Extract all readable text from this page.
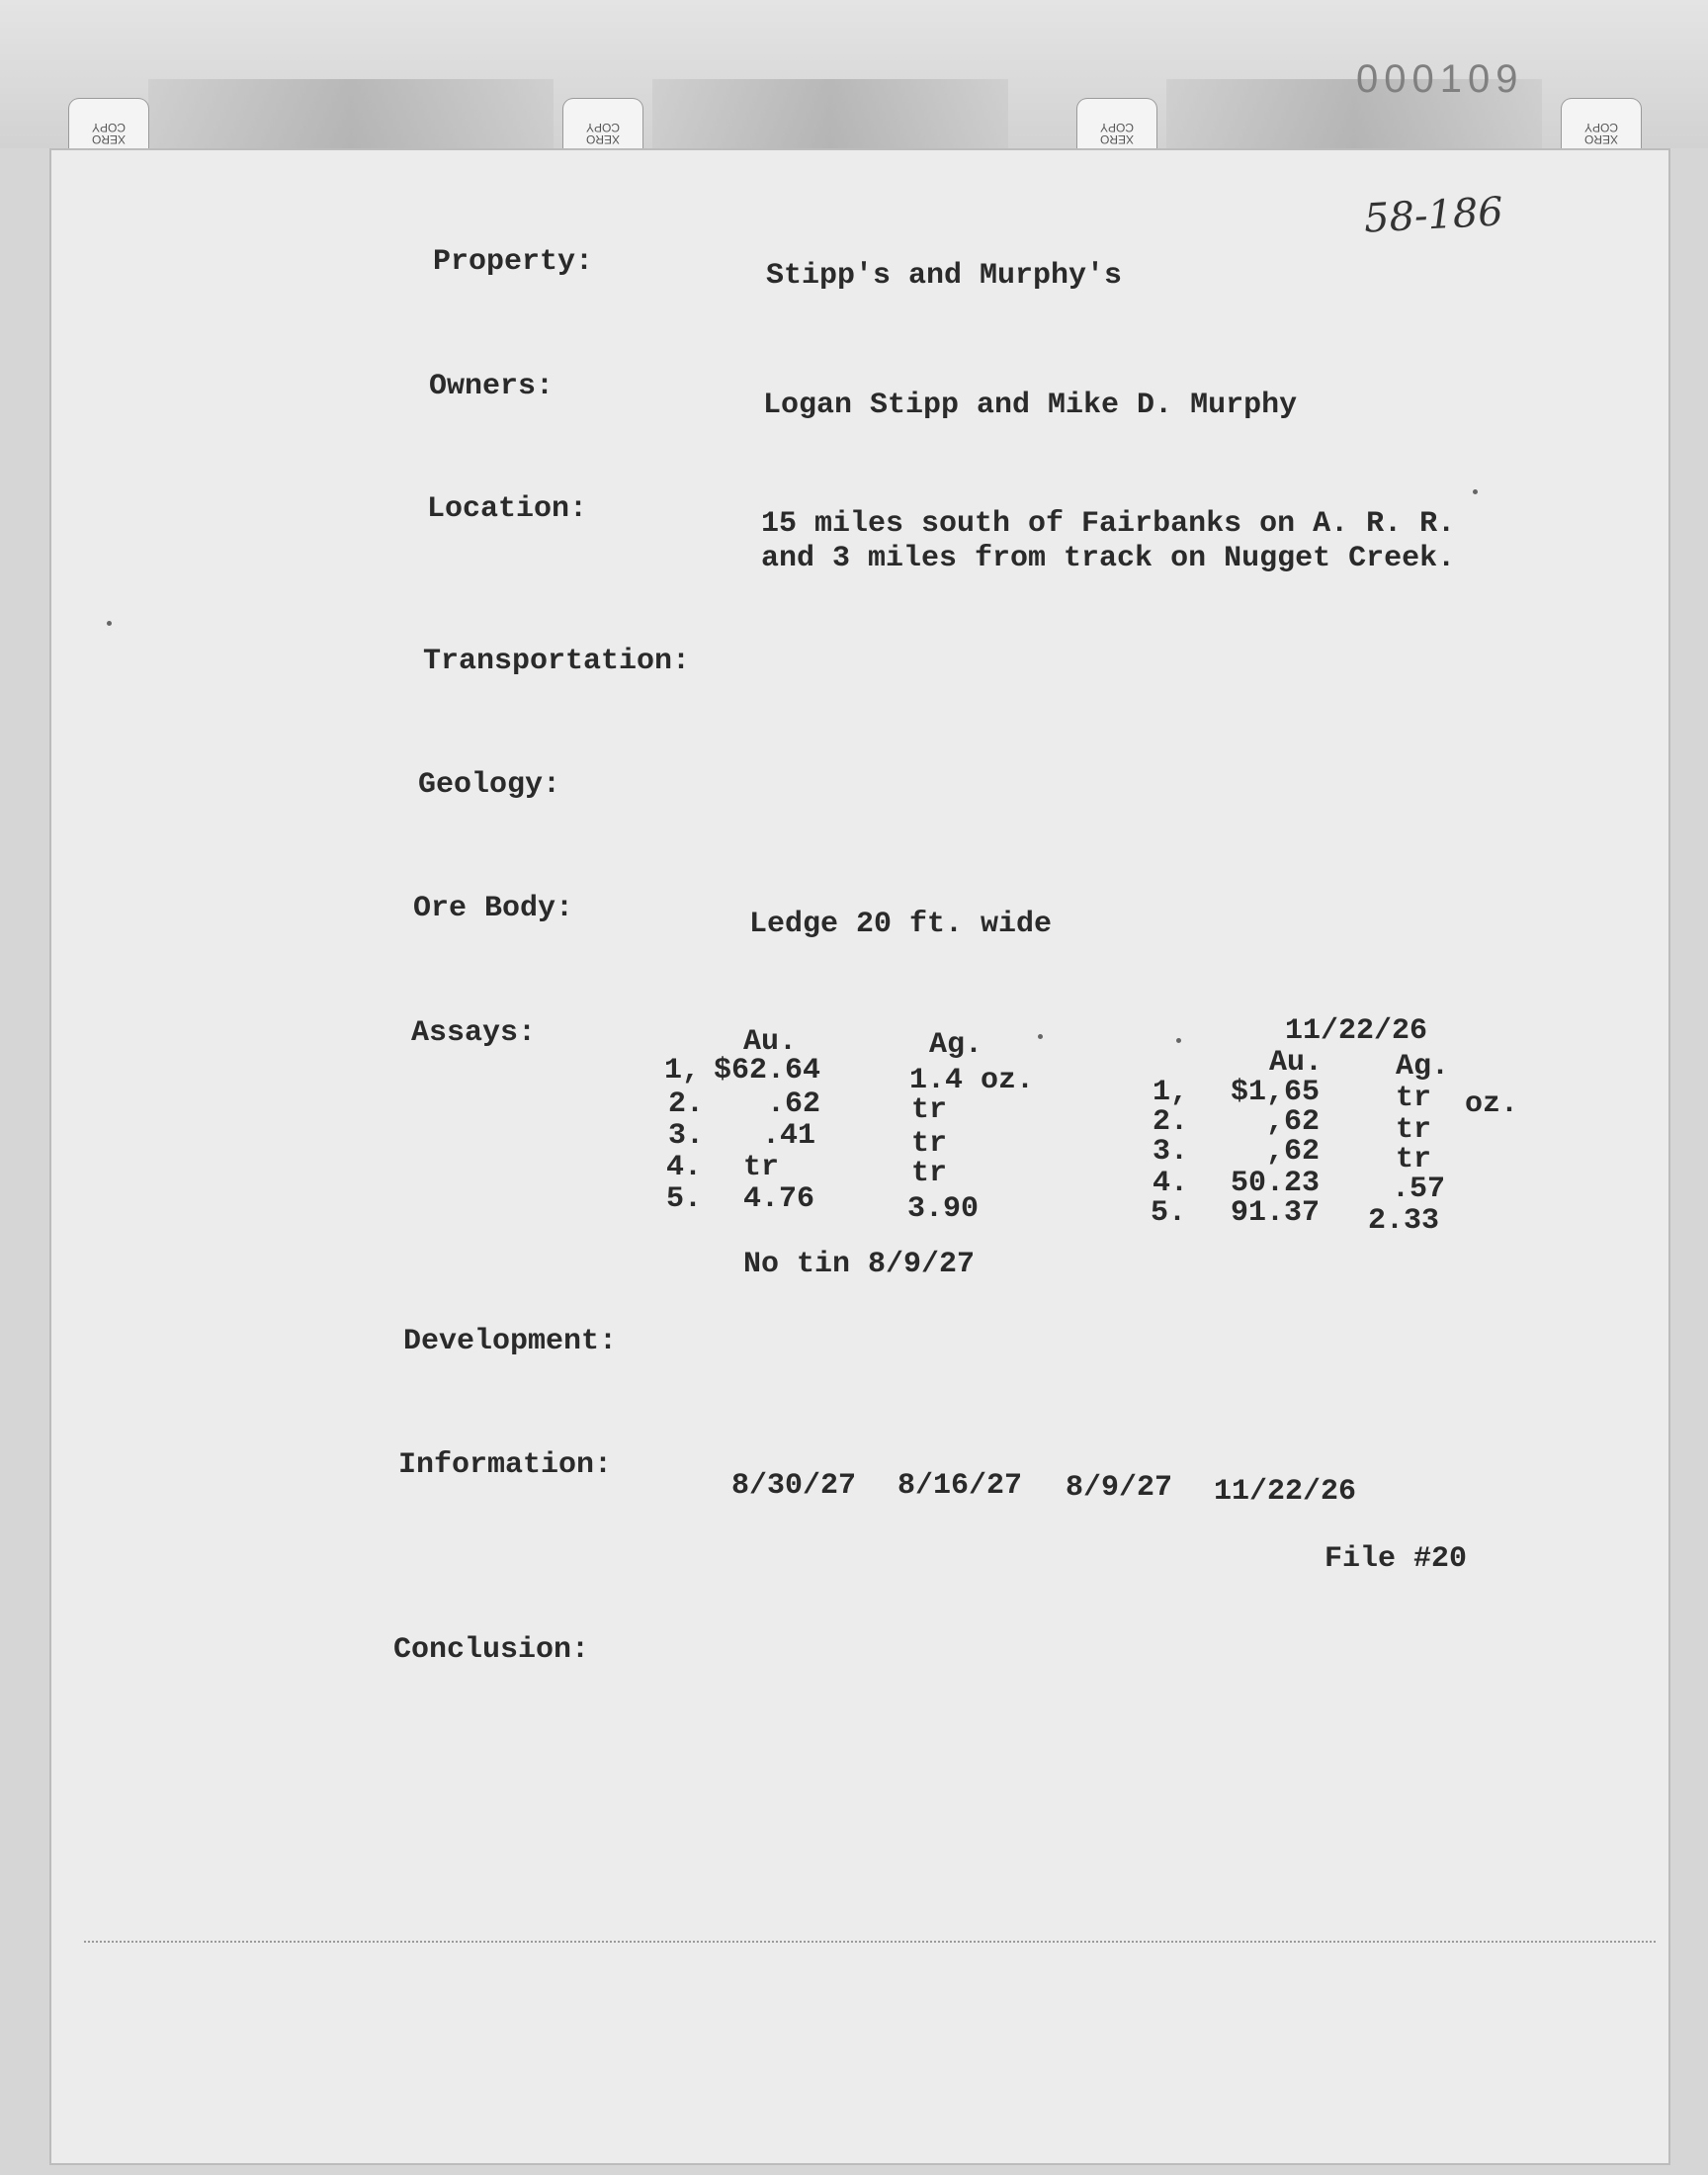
XERO
COPY
XERO
COPY
XERO
COPY
XERO
COPY
000109
58-186
Property:	Stipp's and Murphy's
Owners:
Logan Stipp and Mike D. Murphy
Location:	15 miles south of Fairbanks on A. R. R.
and 3 miles from track on Nugget Creek.
Transportation:
Geology:
Ore Body:	Ledge 20 ft. wide
Assays:	Au.	Ag.
1, $62.64	1.4 oz.
2.	.62	tr
3.	.41	tr
4. tr	tr
5. 4.76	3.90
No tin 8/9/27
11/22/26
Au. Ag.
oz.
1,	$1,65	tr
2.	,62	tr
3.	,62	tr
4.	50.23 .57
5.	91.37 2.33
Development:
Information:
8/30/27 8/16/27 8/9/27 11/22/26
File #20
Conclusion:
